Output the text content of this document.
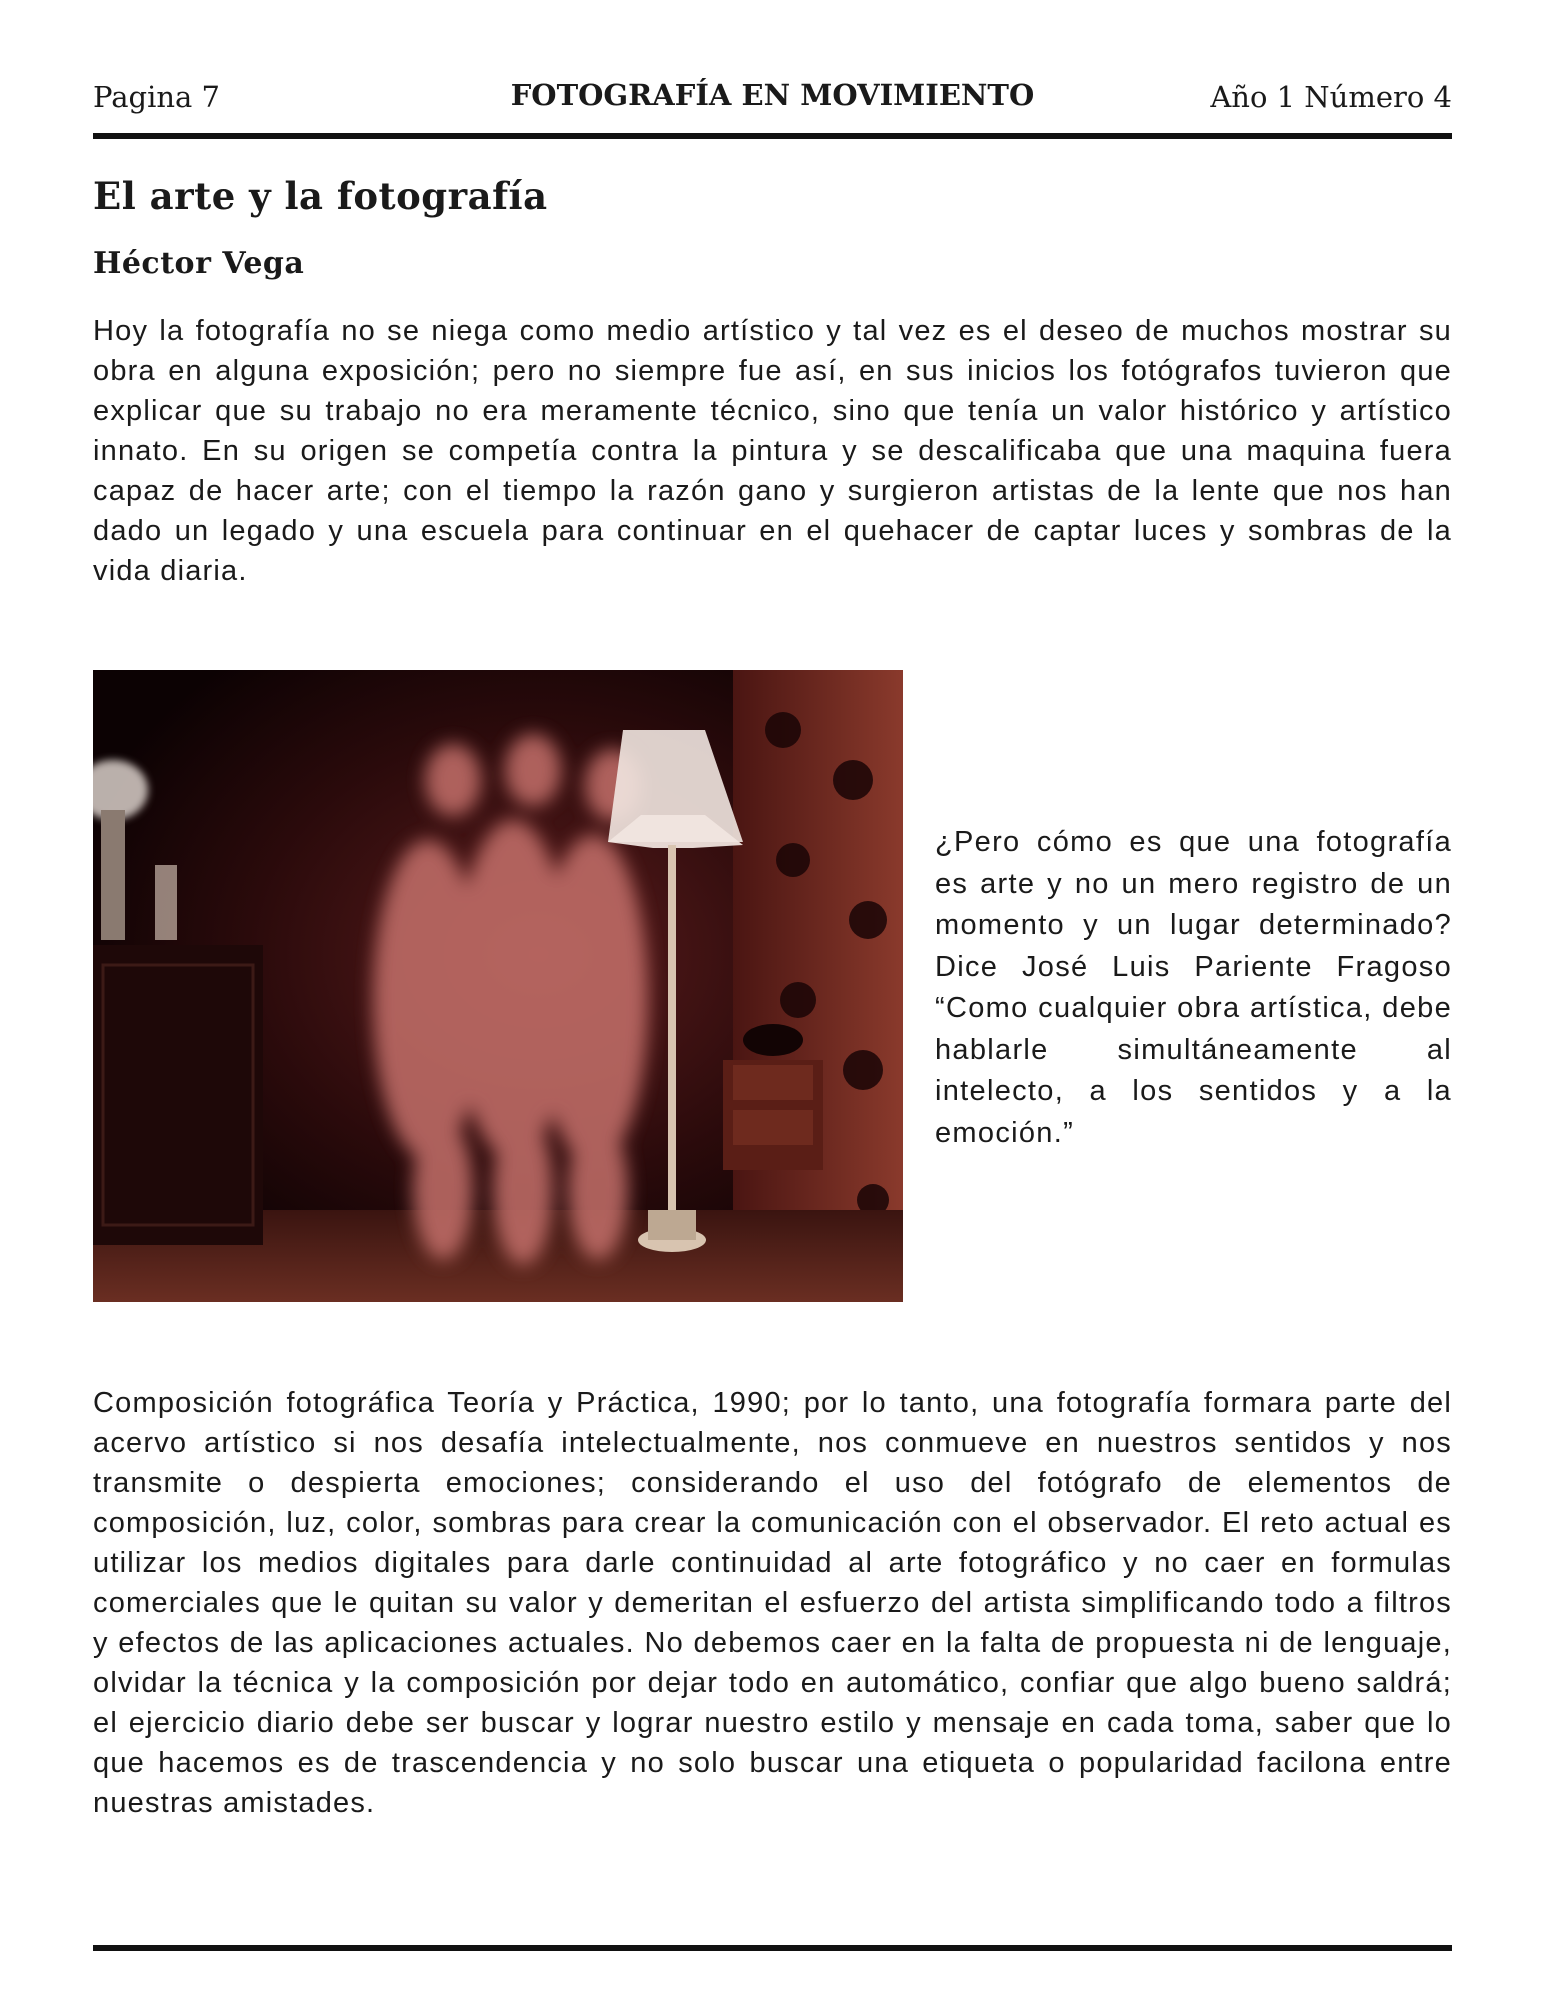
Pagina 7	FOTOGRAFÍA EN MOVIMIENTO	Año 1 Número 4
El arte y la fotografía
Héctor Vega

Hoy la fotografía no se niega como medio artístico y tal vez es el deseo de muchos mostrar su obra en alguna exposición; pero no siempre fue así, en sus inicios los fotógrafos tuvieron que explicar que su trabajo no era meramente técnico, sino que tenía un valor histórico y artístico innato. En su origen se competía contra la pintura y se descalificaba que una maquina fuera capaz de hacer arte; con el tiempo la razón gano y surgieron artistas de la lente que nos han dado un legado y una escuela para continuar en el quehacer de captar luces y sombras de la vida diaria.

¿Pero cómo es que una fotografía es arte y no un mero registro de un momento y un lugar determinado? Dice José Luis Pariente Fragoso “Como cualquier obra artística, debe hablarle simultáneamente al intelecto, a los sentidos y a la emoción.”

Composición fotográfica Teoría y Práctica, 1990; por lo tanto, una fotografía formara parte del acervo artístico si nos desafía intelectualmente, nos conmueve en nuestros sentidos y nos transmite o despierta emociones; considerando el uso del fotógrafo de elementos de composición, luz, color, sombras para crear la comunicación con el observador. El reto actual es utilizar los medios digitales para darle continuidad al arte fotográfico y no caer en formulas comerciales que le quitan su valor y demeritan el esfuerzo del artista simplificando todo a filtros y efectos de las aplicaciones actuales. No debemos caer en la falta de propuesta ni de lenguaje, olvidar la técnica y la composición por dejar todo en automático, confiar que algo bueno saldrá; el ejercicio diario debe ser buscar y lograr nuestro estilo y mensaje en cada toma, saber que lo que hacemos es de trascendencia y no solo buscar una etiqueta o popularidad facilona entre nuestras amistades.
